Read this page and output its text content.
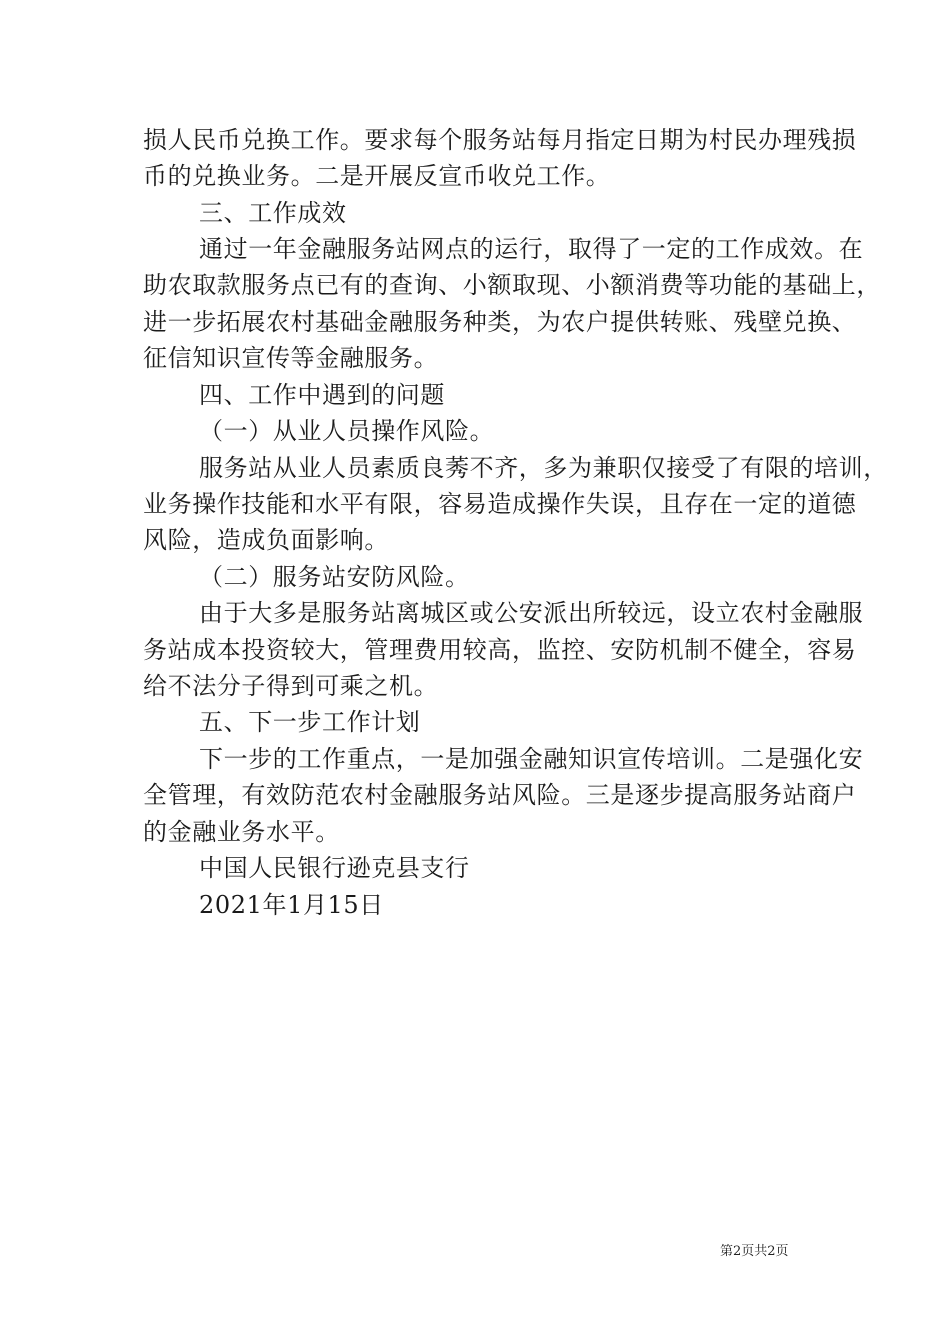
损人民币兑换工作。要求每个服务站每月指定日期为村民办理残损
币的兑换业务。二是开展反宣币收兑工作。
三、工作成效
通过一年金融服务站网点的运行，取得了一定的工作成效。在
助农取款服务点已有的查询、小额取现、小额消费等功能的基础上，
进一步拓展农村基础金融服务种类，为农户提供转账、残壁兑换、
征信知识宣传等金融服务。
四、工作中遇到的问题
（一）从业人员操作风险。
服务站从业人员素质良莠不齐，多为兼职仅接受了有限的培训，
业务操作技能和水平有限，容易造成操作失误，且存在一定的道德
风险，造成负面影响。
（二）服务站安防风险。
由于大多是服务站离城区或公安派出所较远，设立农村金融服
务站成本投资较大，管理费用较高，监控、安防机制不健全，容易
给不法分子得到可乘之机。
五、下一步工作计划
下一步的工作重点，一是加强金融知识宣传培训。二是强化安
全管理，有效防范农村金融服务站风险。三是逐步提高服务站商户
的金融业务水平。
中国人民银行逊克县支行
2021年1月15日
第2页共2页
